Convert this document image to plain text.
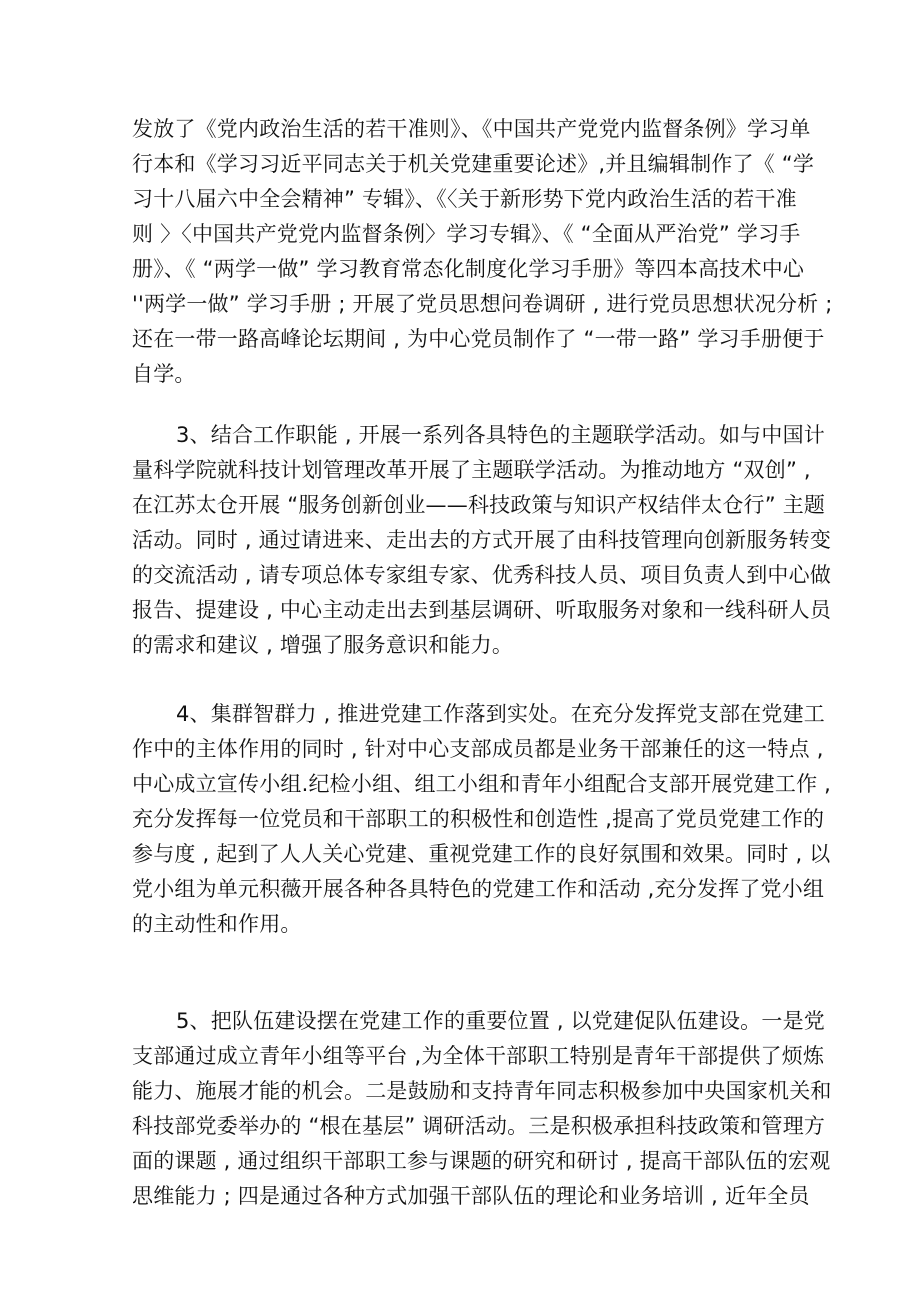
发放了《党内政治生活的若干准则》、《中国共产党党内监督条例》学习单
行本和《学习习近平同志关于机关党建重要论述》,并且编辑制作了《 “学
习十八届六中全会精神” 专辑》、《〈关于新形势下党内政治生活的若干准
则 〉〈中国共产党党内监督条例〉学习专辑》、《 “全面从严治党” 学习手
册》、《 “两学一做” 学习教育常态化制度化学习手册》等四本高技术中心
''两学一做” 学习手册 ; 开展了党员思想问卷调研 , 进行党员思想状况分析 ;
还在一带一路高峰论坛期间 , 为中心党员制作了 “一带一路” 学习手册便于
自学。
3、结合工作职能 , 开展一系列各具特色的主题联学活动。如与中国计
量科学院就科技计划管理改革开展了主题联学活动。为推动地方 “双创” ,
在江苏太仓开展 “服务创新创业——科技政策与知识产权结伴太仓行” 主题
活动。同时 , 通过请进来、走出去的方式开展了由科技管理向创新服务转变
的交流活动 , 请专项总体专家组专家、优秀科技人员、项目负责人到中心做
报告、提建设 , 中心主动走出去到基层调研、听取服务对象和一线科研人员
的需求和建议 , 增强了服务意识和能力。
4、集群智群力 , 推进党建工作落到实处。在充分发挥党支部在党建工
作中的主体作用的同时 , 针对中心支部成员都是业务干部兼任的这一特点 ,
中心成立宣传小组.纪检小组、组工小组和青年小组配合支部开展党建工作 ,
充分发挥每一位党员和干部职工的积极性和创造性 ,提高了党员党建工作的
参与度 , 起到了人人关心党建、重视党建工作的良好氛围和效果。同时 , 以
党小组为单元积薇开展各种各具特色的党建工作和活动 ,充分发挥了党小组
的主动性和作用。
5、把队伍建设摆在党建工作的重要位置 , 以党建促队伍建设。一是党
支部通过成立青年小组等平台 ,为全体干部职工特别是青年干部提供了烦炼
能力、施展才能的机会。二是鼓励和支持青年同志积极参加中央国家机关和
科技部党委举办的 “根在基层” 调研活动。三是积极承担科技政策和管理方
面的课题 , 通过组织干部职工参与课题的研究和研讨 , 提高干部队伍的宏观
思维能力 ; 四是通过各种方式加强干部队伍的理论和业务培训 , 近年全员
